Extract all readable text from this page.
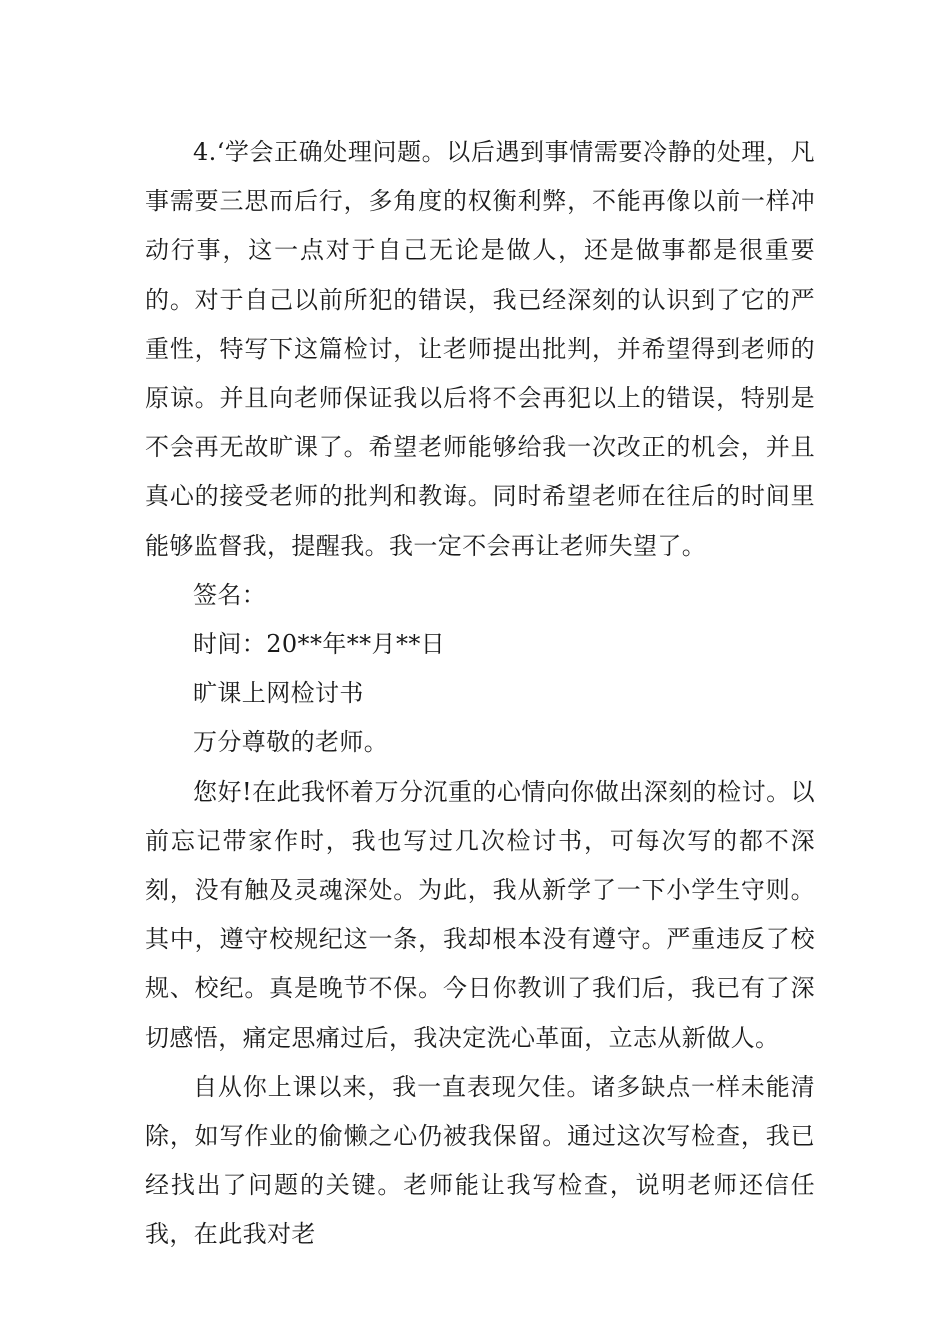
4.‘学会正确处理问题。以后遇到事情需要冷静的处理，凡事需要三思而后行，多角度的权衡利弊，不能再像以前一样冲动行事，这一点对于自己无论是做人，还是做事都是很重要的。对于自己以前所犯的错误，我已经深刻的认识到了它的严重性，特写下这篇检讨，让老师提出批判，并希望得到老师的原谅。并且向老师保证我以后将不会再犯以上的错误，特别是不会再无故旷课了。希望老师能够给我一次改正的机会，并且真心的接受老师的批判和教诲。同时希望老师在往后的时间里能够监督我，提醒我。我一定不会再让老师失望了。

签名：

时间：20**年**月**日

旷课上网检讨书

万分尊敬的老师。

您好!在此我怀着万分沉重的心情向你做出深刻的检讨。以前忘记带家作时，我也写过几次检讨书，可每次写的都不深刻，没有触及灵魂深处。为此，我从新学了一下小学生守则。其中，遵守校规纪这一条，我却根本没有遵守。严重违反了校规、校纪。真是晚节不保。今日你教训了我们后，我已有了深切感悟，痛定思痛过后，我决定洗心革面，立志从新做人。

自从你上课以来，我一直表现欠佳。诸多缺点一样未能清除，如写作业的偷懒之心仍被我保留。通过这次写检查，我已经找出了问题的关键。老师能让我写检查，说明老师还信任我，在此我对老
